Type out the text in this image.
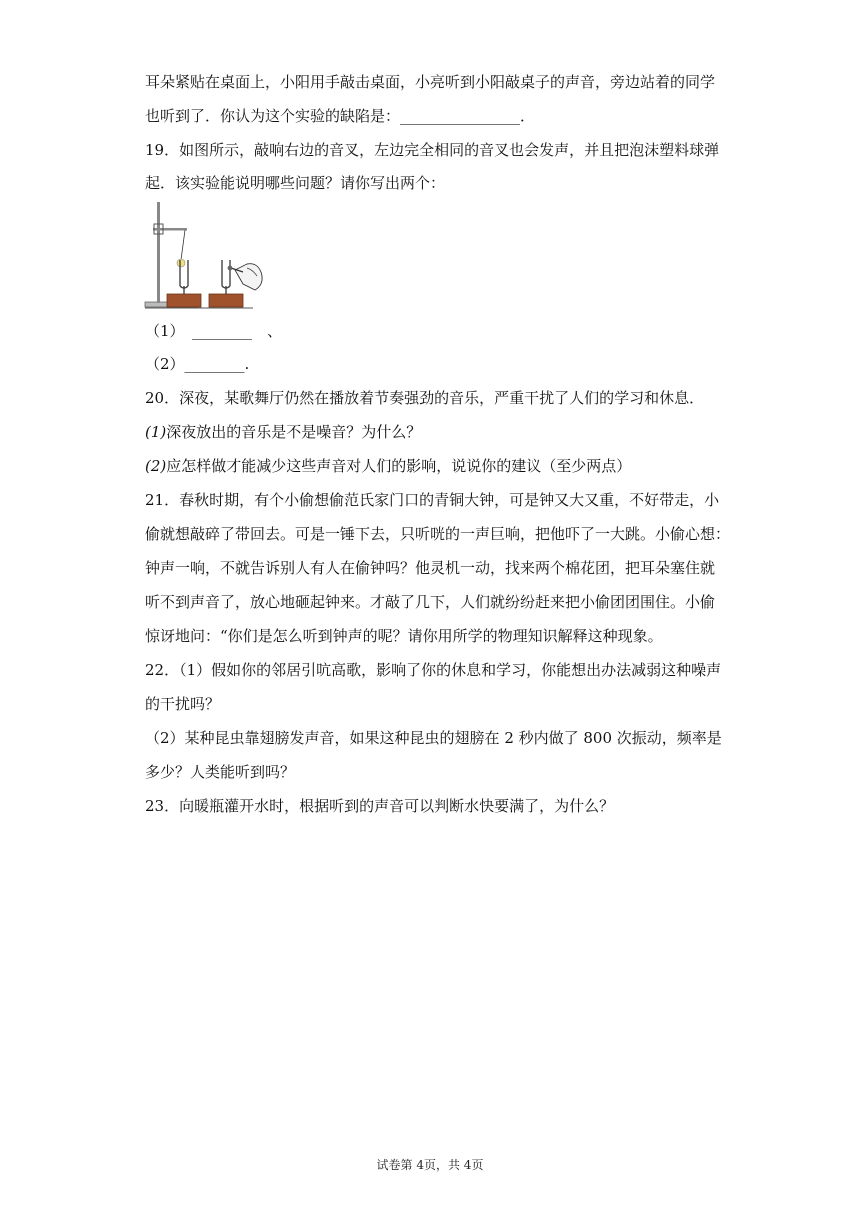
耳朵紧贴在桌面上，小阳用手敲击桌面，小亮听到小阳敲桌子的声音，旁边站着的同学
也听到了．你认为这个实验的缺陷是：________________．
19．如图所示，敲响右边的音叉，左边完全相同的音叉也会发声，并且把泡沫塑料球弹
起．该实验能说明哪些问题？请你写出两个：
（1）　________　、
（2）________.
20．深夜，某歌舞厅仍然在播放着节奏强劲的音乐，严重干扰了人们的学习和休息．
(1)深夜放出的音乐是不是噪音？为什么？
(2)应怎样做才能减少这些声音对人们的影响，说说你的建议（至少两点）
21．春秋时期，有个小偷想偷范氏家门口的青铜大钟，可是钟又大又重，不好带走，小
偷就想敲碎了带回去。可是一锤下去，只听咣的一声巨响，把他吓了一大跳。小偷心想：
钟声一响，不就告诉别人有人在偷钟吗？他灵机一动，找来两个棉花团，把耳朵塞住就
听不到声音了，放心地砸起钟来。才敲了几下，人们就纷纷赶来把小偷团团围住。小偷
惊讶地问：“你们是怎么听到钟声的呢？请你用所学的物理知识解释这种现象。
22．（1）假如你的邻居引吭高歌，影响了你的休息和学习，你能想出办法减弱这种噪声
的干扰吗？
（2）某种昆虫靠翅膀发声音，如果这种昆虫的翅膀在 2 秒内做了 800 次振动，频率是
多少？人类能听到吗？
23．向暖瓶灌开水时，根据听到的声音可以判断水快要满了，为什么？
试卷第 4页，共 4页
